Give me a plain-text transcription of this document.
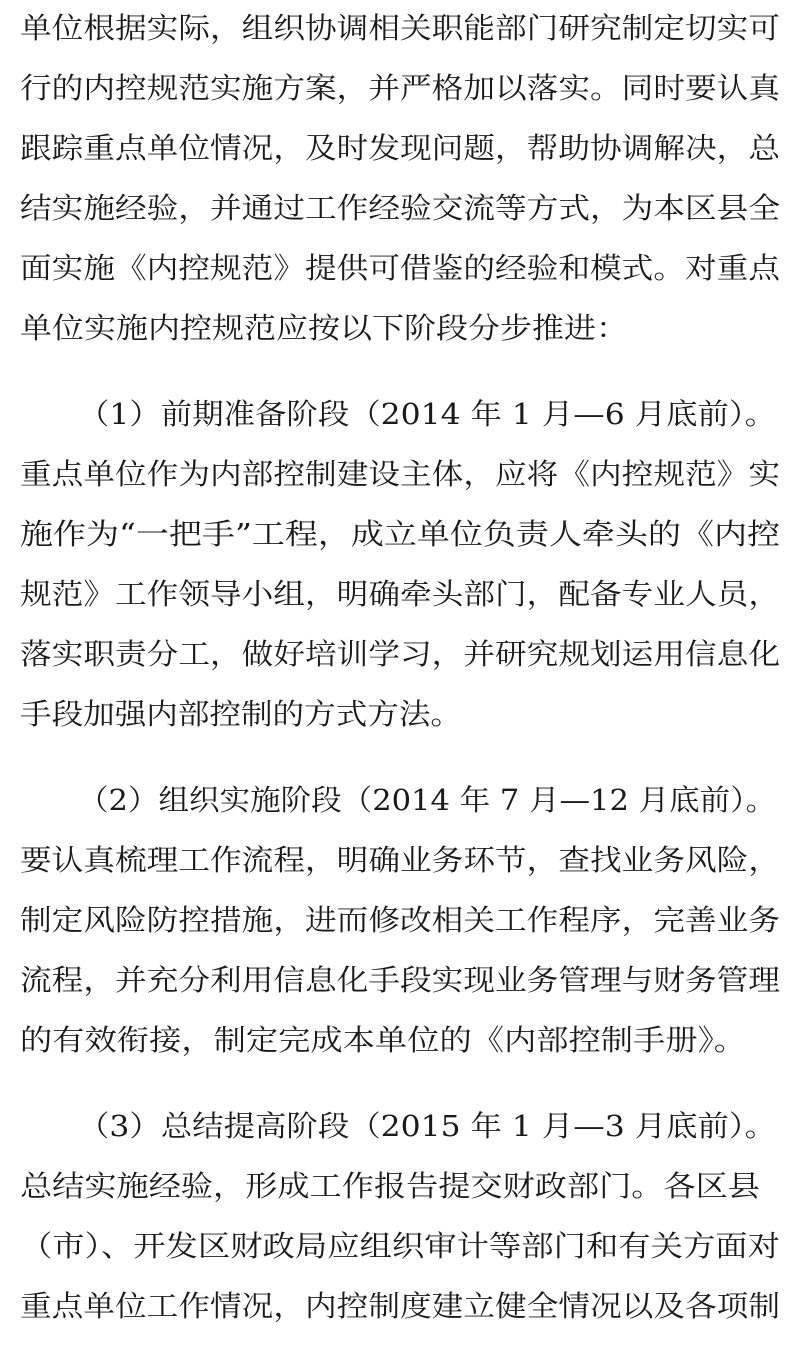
单位根据实际，组织协调相关职能部门研究制定切实可
行的内控规范实施方案，并严格加以落实。同时要认真
跟踪重点单位情况，及时发现问题，帮助协调解决，总
结实施经验，并通过工作经验交流等方式，为本区县全
面实施《内控规范》提供可借鉴的经验和模式。对重点
单位实施内控规范应按以下阶段分步推进：
（1）前期准备阶段（2014 年 1 月—6 月底前）。
重点单位作为内部控制建设主体，应将《内控规范》实
施作为“一把手”工程，成立单位负责人牵头的《内控
规范》工作领导小组，明确牵头部门，配备专业人员，
落实职责分工，做好培训学习，并研究规划运用信息化
手段加强内部控制的方式方法。
（2）组织实施阶段（2014 年 7 月—12 月底前）。
要认真梳理工作流程，明确业务环节，查找业务风险，
制定风险防控措施，进而修改相关工作程序，完善业务
流程，并充分利用信息化手段实现业务管理与财务管理
的有效衔接，制定完成本单位的《内部控制手册》。
（3）总结提高阶段（2015 年 1 月—3 月底前）。
总结实施经验，形成工作报告提交财政部门。各区县
（市）、开发区财政局应组织审计等部门和有关方面对
重点单位工作情况，内控制度建立健全情况以及各项制
